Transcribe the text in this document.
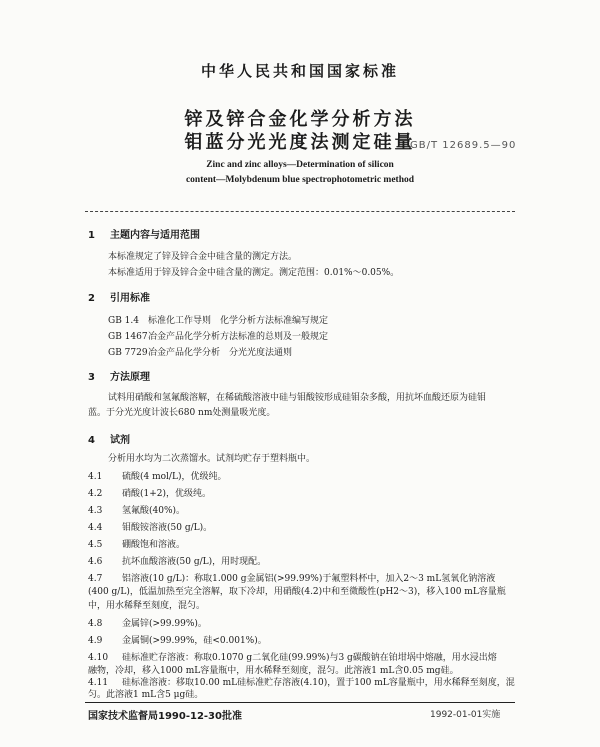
中华人民共和国国家标准
锌及锌合金化学分析方法
钼蓝分光光度法测定硅量
GB/T 12689.5—90
Zinc and zinc alloys—Determination of silicon
content—Molybdenum blue spectrophotometric method
1 主题内容与适用范围
本标准规定了锌及锌合金中硅含量的测定方法。
本标准适用于锌及锌合金中硅含量的测定。测定范围：0.01%～0.05%。
2 引用标准
GB 1.4 标准化工作导则　化学分析方法标准编写规定
GB 1467冶金产品化学分析方法标准的总则及一般规定
GB 7729冶金产品化学分析　分光光度法通则
3 方法原理
试料用硝酸和氢氟酸溶解，在稀硫酸溶液中硅与钼酸铵形成硅钼杂多酸，用抗坏血酸还原为硅钼
蓝。于分光光度计波长680 nm处测量吸光度。
4 试剂
分析用水均为二次蒸馏水。试剂均贮存于塑料瓶中。
4.1 硫酸(4 mol/L)，优级纯。
4.2 硝酸(1+2)，优级纯。
4.3 氢氟酸(40%)。
4.4 钼酸铵溶液(50 g/L)。
4.5 硼酸饱和溶液。
4.6 抗坏血酸溶液(50 g/L)，用时现配。
4.7 铝溶液(10 g/L)：称取1.000 g金属铝(>99.99%)于氟塑料杯中，加入2～3 mL氢氧化钠溶液
(400 g/L)，低温加热至完全溶解，取下冷却，用硝酸(4.2)中和至微酸性(pH2～3)，移入100 mL容量瓶
中，用水稀释至刻度，混匀。
4.8 金属锌(>99.99%)。
4.9 金属铜(>99.99%，硅<0.001%)。
4.10 硅标准贮存溶液：称取0.1070 g二氧化硅(99.99%)与3 g碳酸钠在铂坩埚中熔融，用水浸出熔
融物，冷却，移入1000 mL容量瓶中，用水稀释至刻度，混匀。此溶液1 mL含0.05 mg硅。
4.11 硅标准溶液：移取10.00 mL硅标准贮存溶液(4.10)，置于100 mL容量瓶中，用水稀释至刻度，混
匀。此溶液1 mL含5 μg硅。
国家技术监督局1990-12-30批准	1992-01-01实施
